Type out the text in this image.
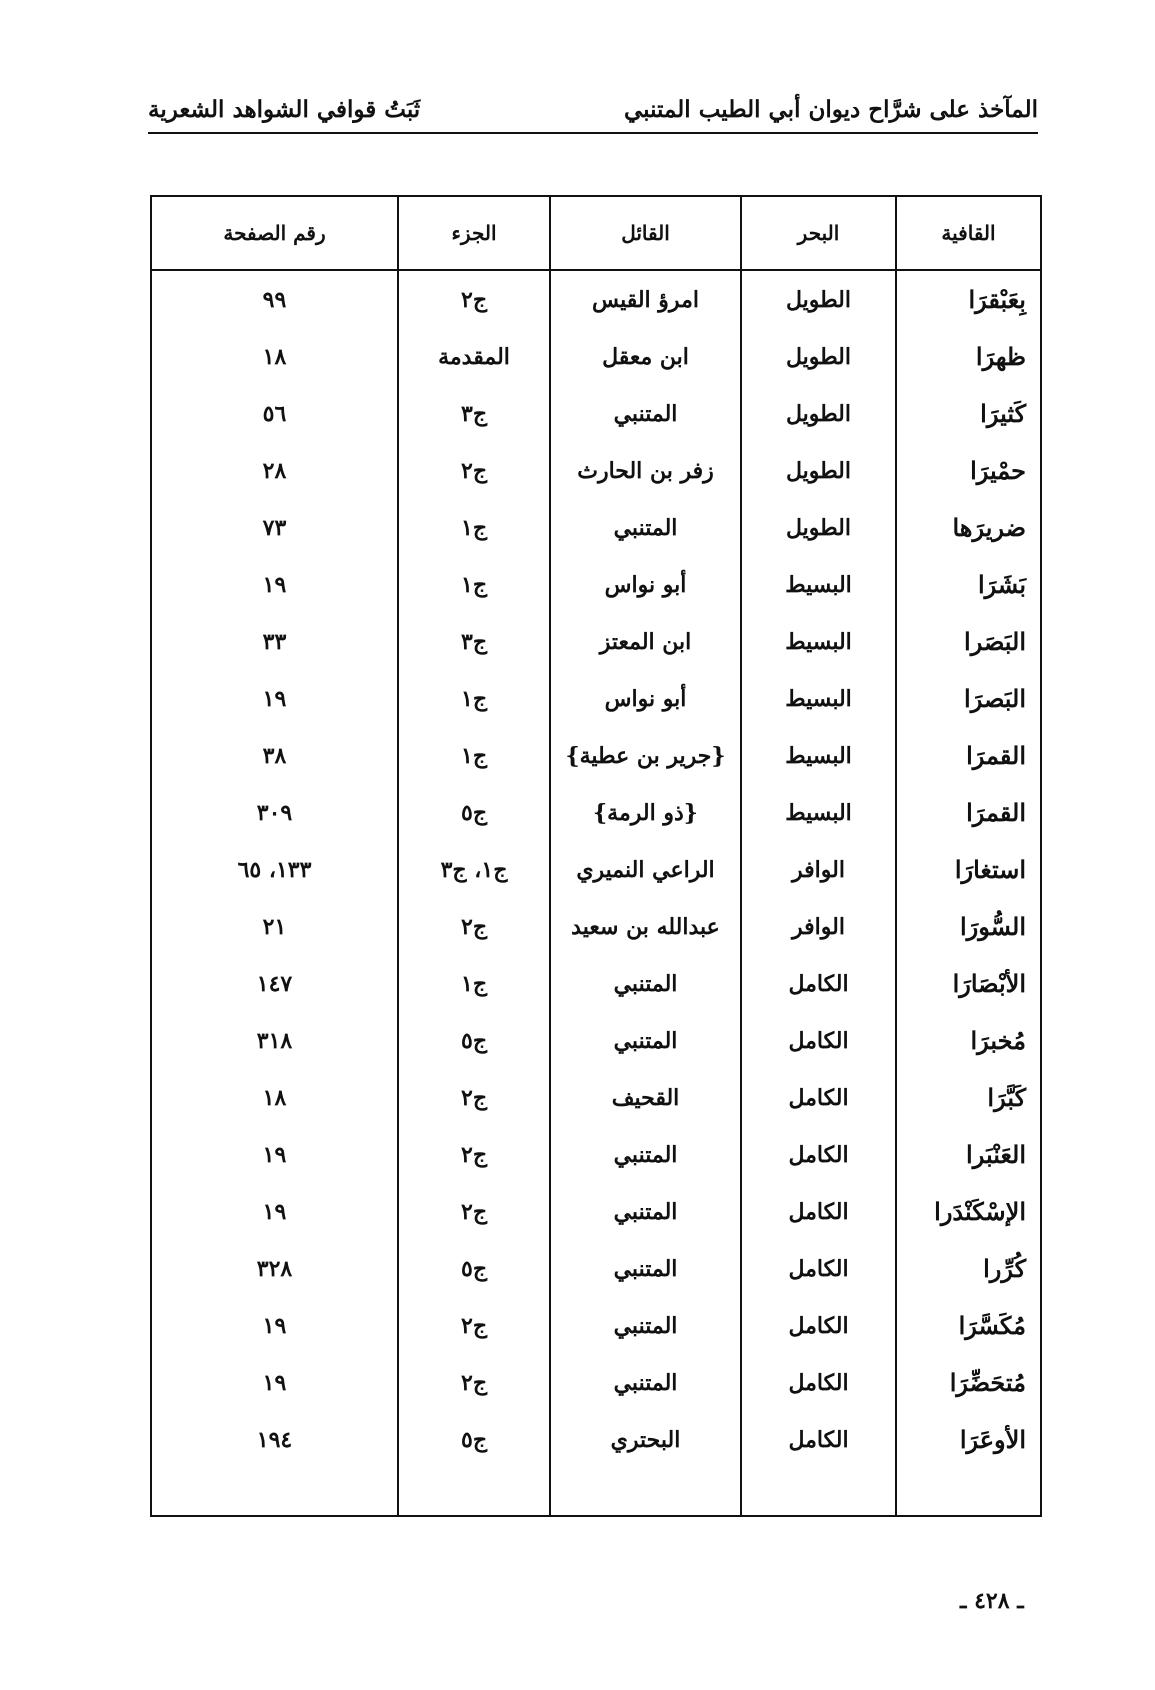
المآخذ على شرَّاح ديوان أبي الطيب المتنبي
ثَبَتُ قوافي الشواهد الشعرية
القافية	البحر	القائل	الجزء	رقم الصفحة
بِعَبْقرَا	الطويل	امرؤ القيس	ج٢	٩٩
ظهرَا	الطويل	ابن معقل	المقدمة	١٨
كَثيرَا	الطويل	المتنبي	ج٣	٥٦
حمْيرَا	الطويل	زفر بن الحارث	ج٢	٢٨
ضريرَها	الطويل	المتنبي	ج١	٧٣
بَشَرَا	البسيط	أبو نواس	ج١	١٩
البَصَرا	البسيط	ابن المعتز	ج٣	٣٣
البَصرَا	البسيط	أبو نواس	ج١	١٩
القمرَا	البسيط	{جرير بن عطية}	ج١	٣٨
القمرَا	البسيط	{ذو الرمة}	ج٥	٣٠٩
استغارَا	الوافر	الراعي النميري	ج١، ج٣	١٣٣، ٦٥
السُّورَا	الوافر	عبدالله بن سعيد	ج٢	٢١
الأبْصَارَا	الكامل	المتنبي	ج١	١٤٧
مُخبرَا	الكامل	المتنبي	ج٥	٣١٨
كَبَّرَا	الكامل	القحيف	ج٢	١٨
العَنْبَرا	الكامل	المتنبي	ج٢	١٩
الإسْكَنْدَرا	الكامل	المتنبي	ج٢	١٩
كُرِّرا	الكامل	المتنبي	ج٥	٣٢٨
مُكَسَّرَا	الكامل	المتنبي	ج٢	١٩
مُتحَضِّرَا	الكامل	المتنبي	ج٢	١٩
الأوعَرَا	الكامل	البحتري	ج٥	١٩٤

ـ ٤٢٨ ـ
